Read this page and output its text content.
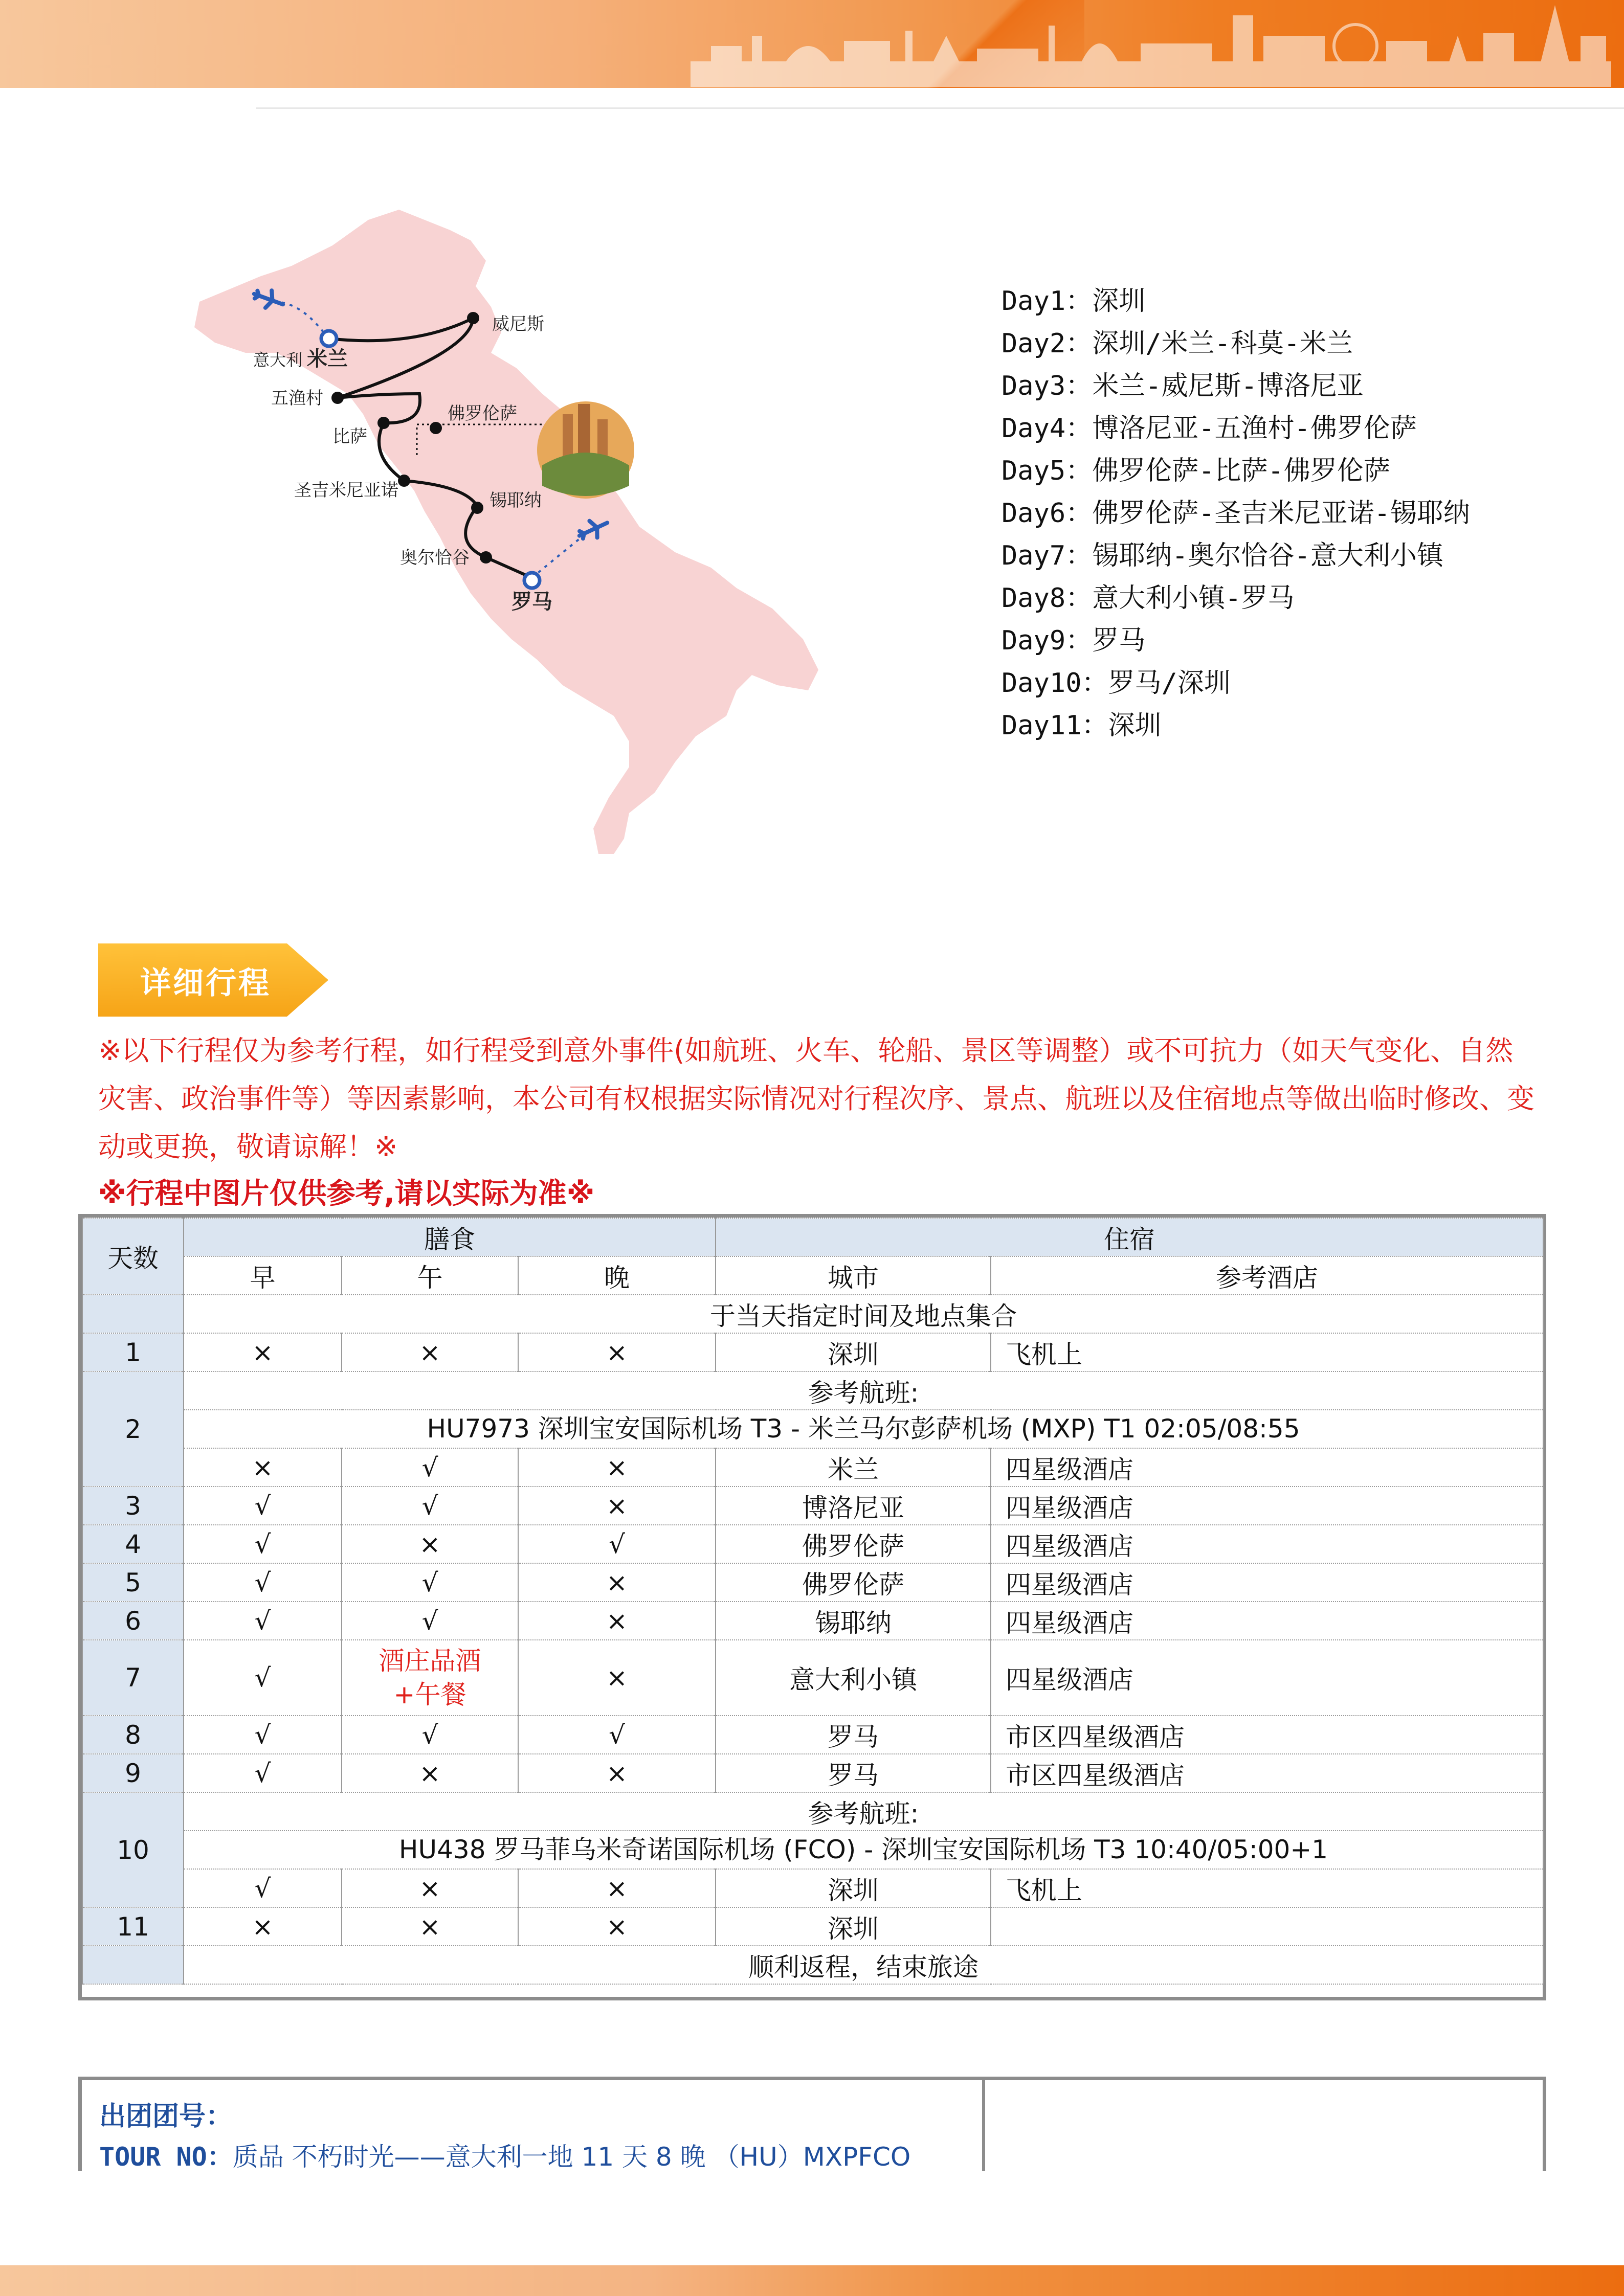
意大利 米兰
威尼斯
五渔村
佛罗伦萨
比萨
圣吉米尼亚诺
锡耶纳
奥尔恰谷
罗马
Day1：深圳
Day2：深圳/米兰-科莫-米兰
Day3：米兰-威尼斯-博洛尼亚
Day4：博洛尼亚-五渔村-佛罗伦萨
Day5：佛罗伦萨-比萨-佛罗伦萨
Day6：佛罗伦萨-圣吉米尼亚诺-锡耶纳
Day7：锡耶纳-奥尔恰谷-意大利小镇
Day8：意大利小镇-罗马
Day9：罗马
Day10：罗马/深圳
Day11：深圳
详细行程
※以下行程仅为参考行程，如行程受到意外事件(如航班、火车、轮船、景区等调整）或不可抗力（如天气变化、自然灾害、政治事件等）等因素影响，本公司有权根据实际情况对行程次序、景点、航班以及住宿地点等做出临时修改、变动或更换，敬请谅解！※
※行程中图片仅供参考,请以实际为准※
天数	膳食			住宿	
	早	午	晚	城市	参考酒店
	于当天指定时间及地点集合				
1	×	×	×	深圳	飞机上
2	参考航班:				
	HU7973 深圳宝安国际机场 T3 - 米兰马尔彭萨机场 (MXP) T1 02:05/08:55				
	×	√	×	米兰	四星级酒店
3	√	√	×	博洛尼亚	四星级酒店
4	√	×	√	佛罗伦萨	四星级酒店
5	√	√	×	佛罗伦萨	四星级酒店
6	√	√	×	锡耶纳	四星级酒店
7	√	酒庄品酒+午餐	×	意大利小镇	四星级酒店
8	√	√	√	罗马	市区四星级酒店
9	√	×	×	罗马	市区四星级酒店
10	参考航班:				
	HU438 罗马菲乌米奇诺国际机场 (FCO) - 深圳宝安国际机场 T3 10:40/05:00+1				
	√	×	×	深圳	飞机上
11	×	×	×	深圳	
	顺利返程，结束旅途				
出团团号：
TOUR NO：质品 不朽时光——意大利一地 11 天 8 晚 （HU）MXPFCO
